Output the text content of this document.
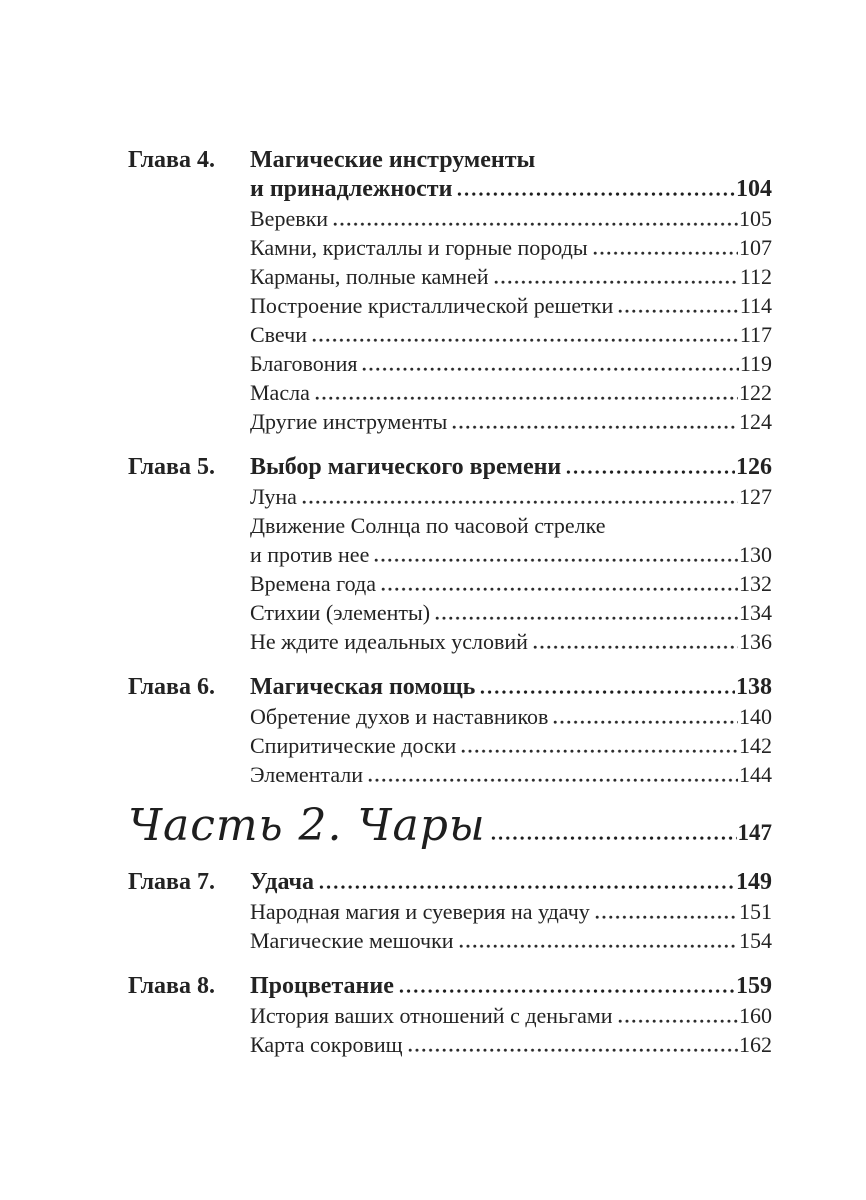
Глава 4.	Магические инструменты
и принадлежности	104
Веревки	105
Камни, кристаллы и горные породы	107
Карманы, полные камней	112
Построение кристаллической решетки	114
Свечи	117
Благовония	119
Масла	122
Другие инструменты	124
Глава 5.	Выбор магического времени	126
Луна	127
Движение Солнца по часовой стрелке
и против нее	130
Времена года	132
Стихии (элементы)	134
Не ждите идеальных условий	136
Глава 6.	Магическая помощь	138
Обретение духов и наставников	140
Спиритические доски	142
Элементали	144
Часть 2. Чары	147
Глава 7.	Удача	149
Народная магия и суеверия на удачу	151
Магические мешочки	154
Глава 8.	Процветание	159
История ваших отношений с деньгами	160
Карта сокровищ	162
